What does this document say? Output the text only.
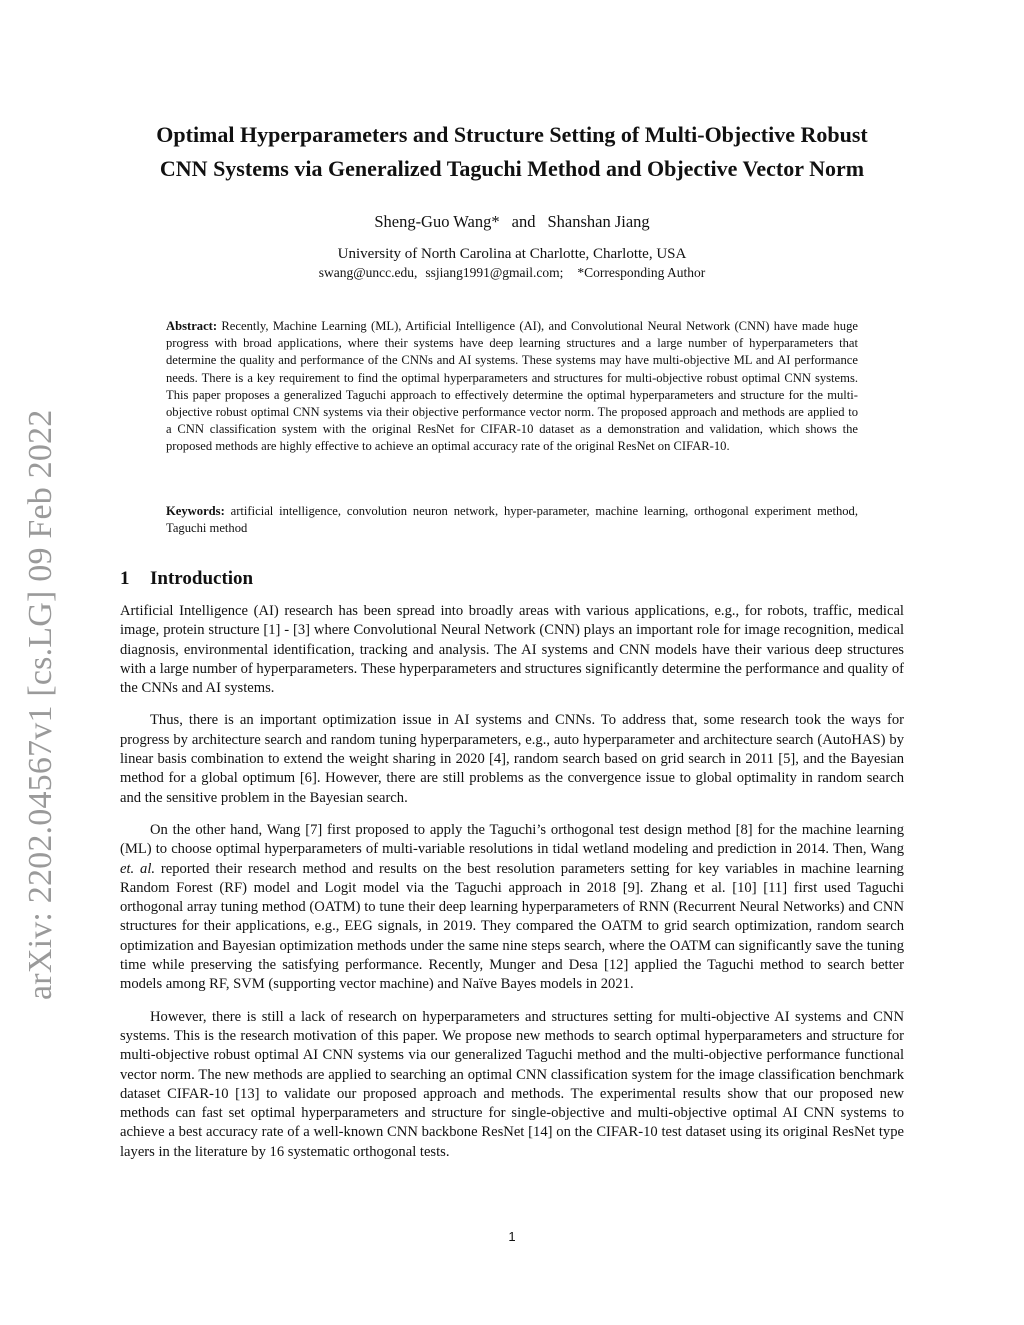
arXiv: 2202.04567v1 [cs.LG] 09 Feb 2022
Optimal Hyperparameters and Structure Setting of Multi-Objective Robust
CNN Systems via Generalized Taguchi Method and Objective Vector Norm
Sheng-Guo Wang* and Shanshan Jiang
University of North Carolina at Charlotte, Charlotte, USA
swang@uncc.edu, ssjiang1991@gmail.com; *Corresponding Author
Abstract: Recently, Machine Learning (ML), Artificial Intelligence (AI), and Convolutional Neural Network (CNN) have made huge progress with broad applications, where their systems have deep learning structures and a large number of hyperparameters that determine the quality and performance of the CNNs and AI systems. These systems may have multi-objective ML and AI performance needs. There is a key requirement to find the optimal hyperparameters and structures for multi-objective robust optimal CNN systems. This paper proposes a generalized Taguchi approach to effectively determine the optimal hyperparameters and structure for the multi-objective robust optimal CNN systems via their objective performance vector norm. The proposed approach and methods are applied to a CNN classification system with the original ResNet for CIFAR-10 dataset as a demonstration and validation, which shows the proposed methods are highly effective to achieve an optimal accuracy rate of the original ResNet on CIFAR-10.
Keywords: artificial intelligence, convolution neuron network, hyper-parameter, machine learning, orthogonal experiment method, Taguchi method
1 Introduction

Artificial Intelligence (AI) research has been spread into broadly areas with various applications, e.g., for robots, traffic, medical image, protein structure [1] - [3] where Convolutional Neural Network (CNN) plays an important role for image recognition, medical diagnosis, environmental identification, tracking and analysis. The AI systems and CNN models have their various deep structures with a large number of hyperparameters. These hyperparameters and structures significantly determine the performance and quality of the CNNs and AI systems.

Thus, there is an important optimization issue in AI systems and CNNs. To address that, some research took the ways for progress by architecture search and random tuning hyperparameters, e.g., auto hyperparameter and architecture search (AutoHAS) by linear basis combination to extend the weight sharing in 2020 [4], random search based on grid search in 2011 [5], and the Bayesian method for a global optimum [6]. However, there are still problems as the convergence issue to global optimality in random search and the sensitive problem in the Bayesian search.

On the other hand, Wang [7] first proposed to apply the Taguchi’s orthogonal test design method [8] for the machine learning (ML) to choose optimal hyperparameters of multi-variable resolutions in tidal wetland modeling and prediction in 2014. Then, Wang et. al. reported their research method and results on the best resolution parameters setting for key variables in machine learning Random Forest (RF) model and Logit model via the Taguchi approach in 2018 [9]. Zhang et al. [10] [11] first used Taguchi orthogonal array tuning method (OATM) to tune their deep learning hyperparameters of RNN (Recurrent Neural Networks) and CNN structures for their applications, e.g., EEG signals, in 2019. They compared the OATM to grid search optimization, random search optimization and Bayesian optimization methods under the same nine steps search, where the OATM can significantly save the tuning time while preserving the satisfying performance. Recently, Munger and Desa [12] applied the Taguchi method to search better models among RF, SVM (supporting vector machine) and Naïve Bayes models in 2021.

However, there is still a lack of research on hyperparameters and structures setting for multi-objective AI systems and CNN systems. This is the research motivation of this paper. We propose new methods to search optimal hyperparameters and structure for multi-objective robust optimal AI CNN systems via our generalized Taguchi method and the multi-objective performance functional vector norm. The new methods are applied to searching an optimal CNN classification system for the image classification benchmark dataset CIFAR-10 [13] to validate our proposed approach and methods. The experimental results show that our proposed new methods can fast set optimal hyperparameters and structure for single-objective and multi-objective optimal AI CNN systems to achieve a best accuracy rate of a well-known CNN backbone ResNet [14] on the CIFAR-10 test dataset using its original ResNet type layers in the literature by 16 systematic orthogonal tests.

1
